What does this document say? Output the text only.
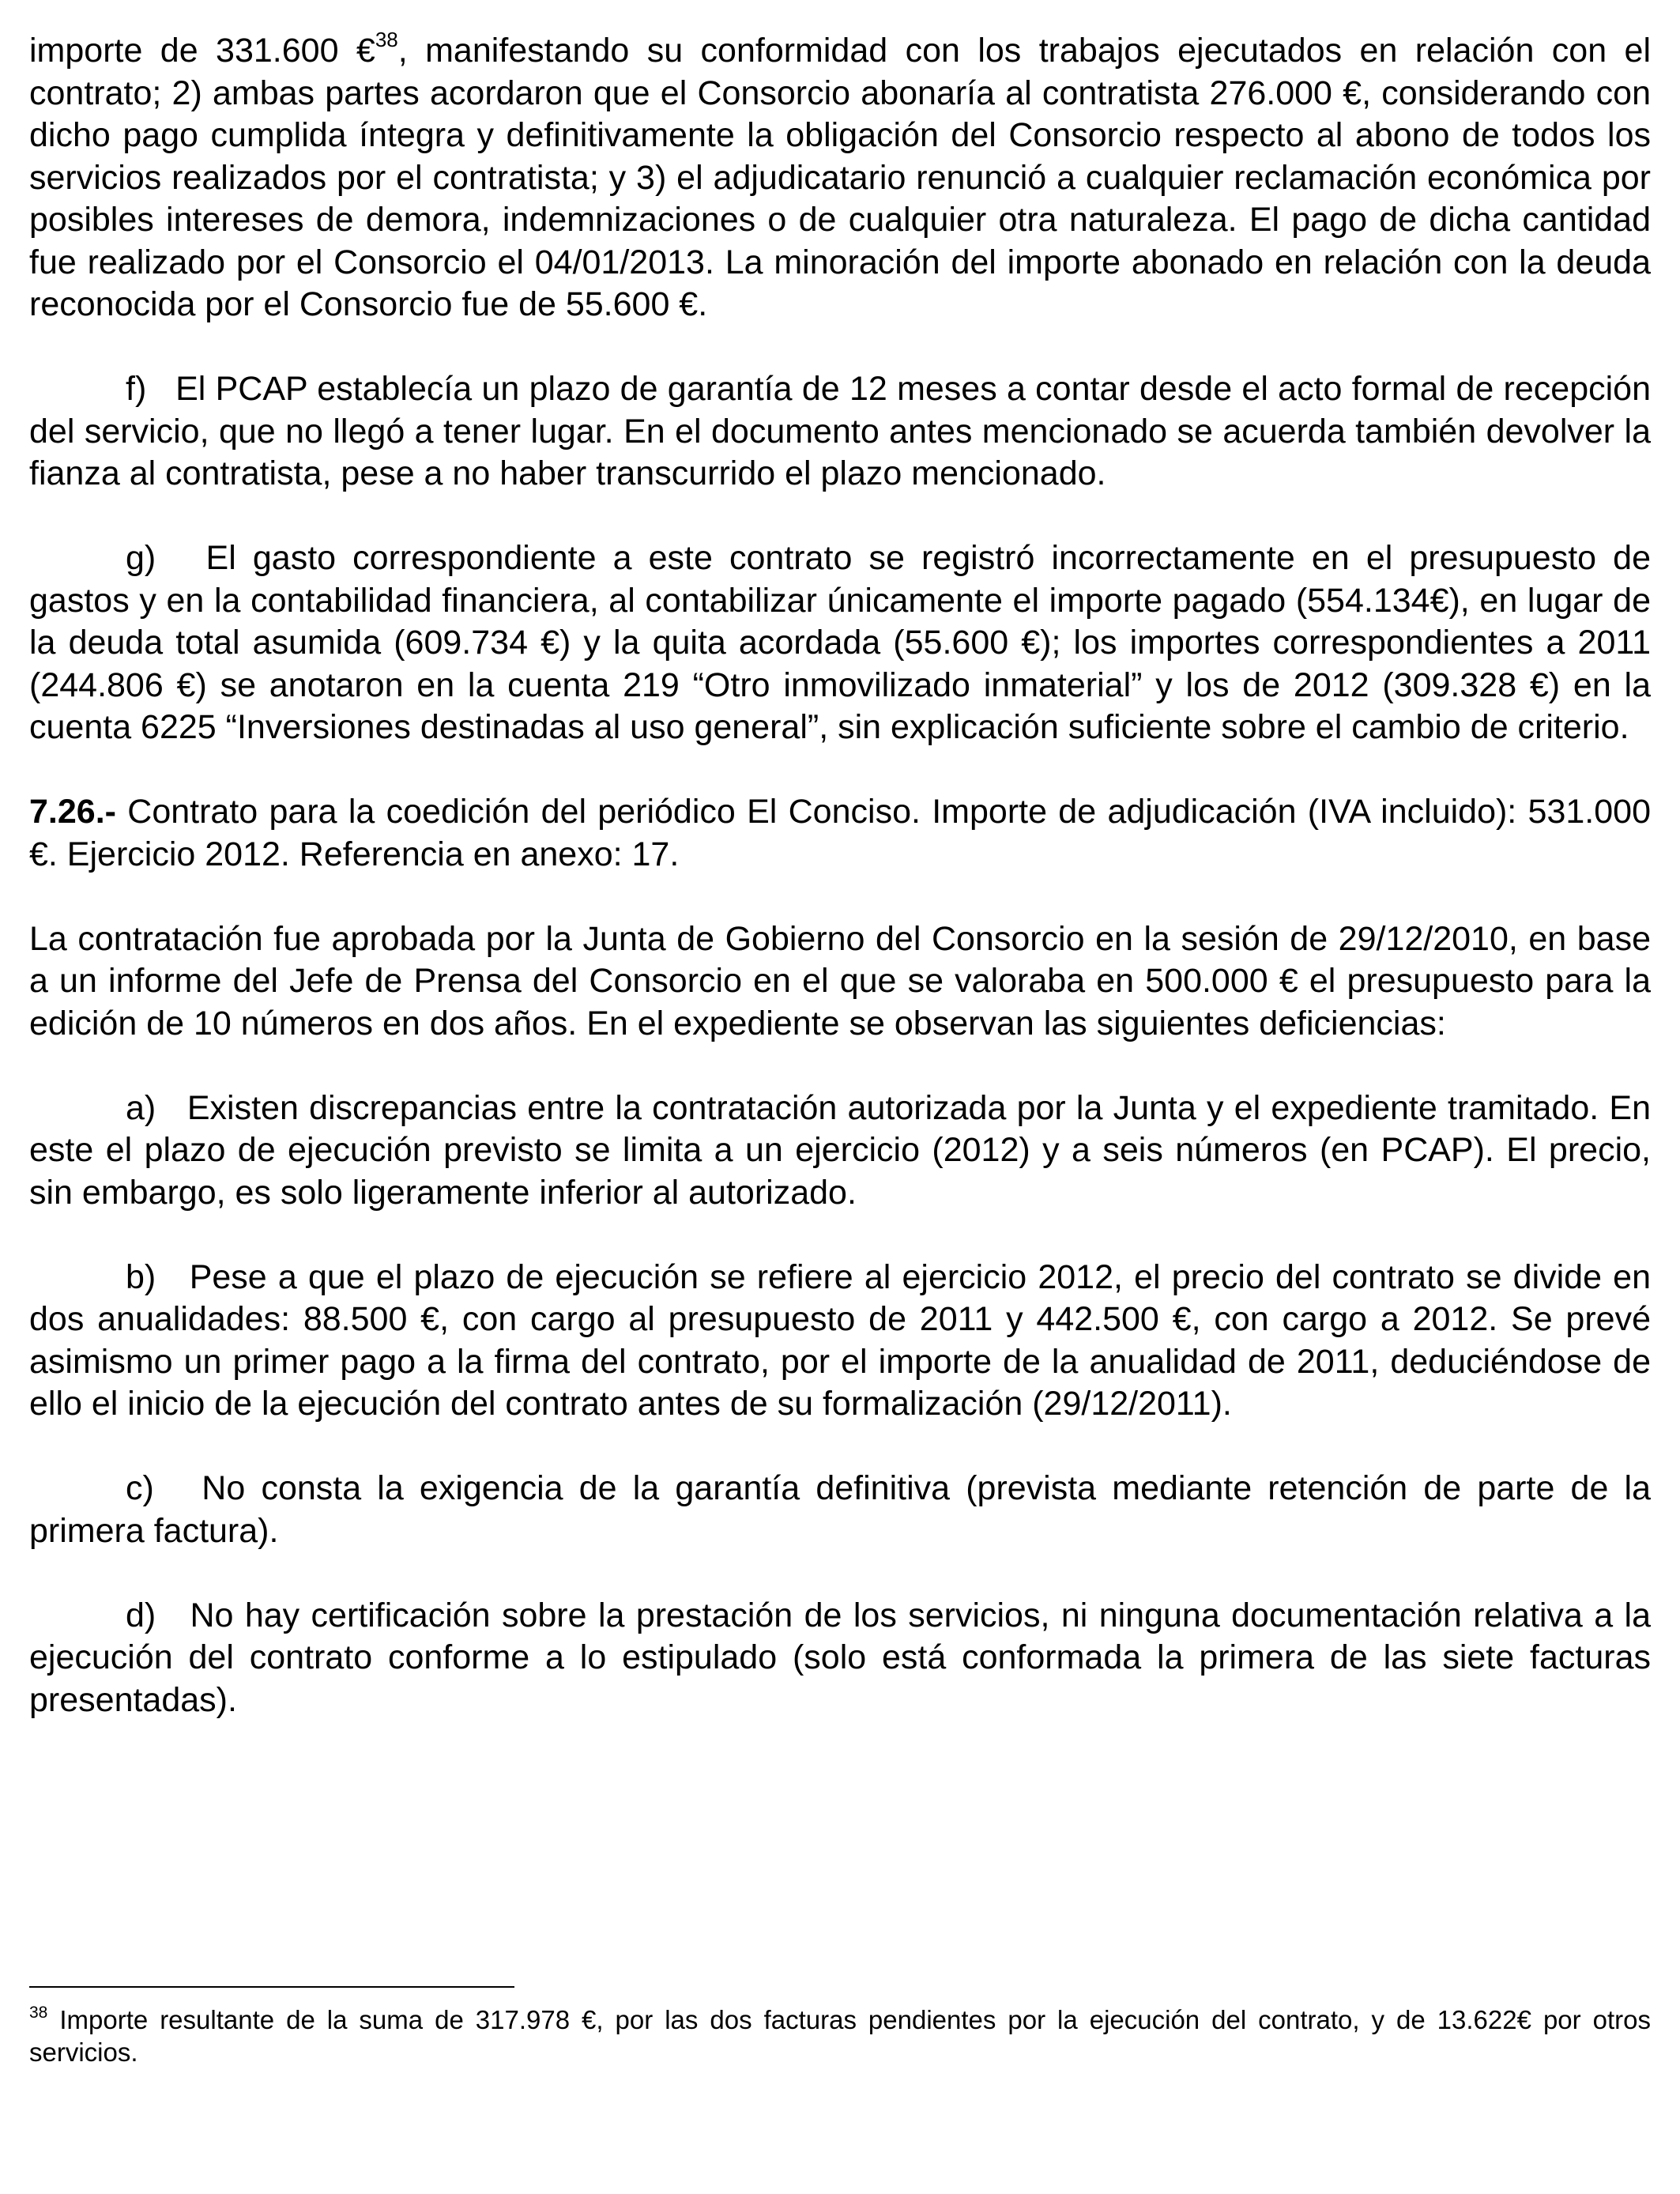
importe de 331.600 €$^{38}$, manifestando su conformidad con los trabajos ejecutados en relación con el contrato; 2) ambas partes acordaron que el Consorcio abonaría al contratista 276.000 €, considerando con dicho pago cumplida íntegra y definitivamente la obligación del Consorcio respecto al abono de todos los servicios realizados por el contratista; y 3) el adjudicatario renunció a cualquier reclamación económica por posibles intereses de demora, indemnizaciones o de cualquier otra naturaleza. El pago de dicha cantidad fue realizado por el Consorcio el 04/01/2013. La minoración del importe abonado en relación con la deuda reconocida por el Consorcio fue de 55.600 €.

f)   El PCAP establecía un plazo de garantía de 12 meses a contar desde el acto formal de recepción del servicio, que no llegó a tener lugar. En el documento antes mencionado se acuerda también devolver la fianza al contratista, pese a no haber transcurrido el plazo mencionado.

g)   El gasto correspondiente a este contrato se registró incorrectamente en el presupuesto de gastos y en la contabilidad financiera, al contabilizar únicamente el importe pagado (554.134€), en lugar de la deuda total asumida (609.734 €) y la quita acordada (55.600 €); los importes correspondientes a 2011 (244.806 €) se anotaron en la cuenta 219 “Otro inmovilizado inmaterial” y los de 2012 (309.328 €) en la cuenta 6225 “Inversiones destinadas al uso general”, sin explicación suficiente sobre el cambio de criterio.

7.26.- Contrato para la coedición del periódico El Conciso. Importe de adjudicación (IVA incluido): 531.000 €. Ejercicio 2012. Referencia en anexo: 17.

La contratación fue aprobada por la Junta de Gobierno del Consorcio en la sesión de 29/12/2010, en base a un informe del Jefe de Prensa del Consorcio en el que se valoraba en 500.000 € el presupuesto para la edición de 10 números en dos años. En el expediente se observan las siguientes deficiencias:

a)   Existen discrepancias entre la contratación autorizada por la Junta y el expediente tramitado. En este el plazo de ejecución previsto se limita a un ejercicio (2012) y a seis números (en PCAP). El precio, sin embargo, es solo ligeramente inferior al autorizado.

b)   Pese a que el plazo de ejecución se refiere al ejercicio 2012, el precio del contrato se divide en dos anualidades: 88.500 €, con cargo al presupuesto de 2011 y 442.500 €, con cargo a 2012. Se prevé asimismo un primer pago a la firma del contrato, por el importe de la anualidad de 2011, deduciéndose de ello el inicio de la ejecución del contrato antes de su formalización (29/12/2011).

c)   No consta la exigencia de la garantía definitiva (prevista mediante retención de parte de la primera factura).

d)   No hay certificación sobre la prestación de los servicios, ni ninguna documentación relativa a la ejecución del contrato conforme a lo estipulado (solo está conformada la primera de las siete facturas presentadas).

$^{38}$ Importe resultante de la suma de 317.978 €, por las dos facturas pendientes por la ejecución del contrato, y de 13.622€ por otros servicios.
